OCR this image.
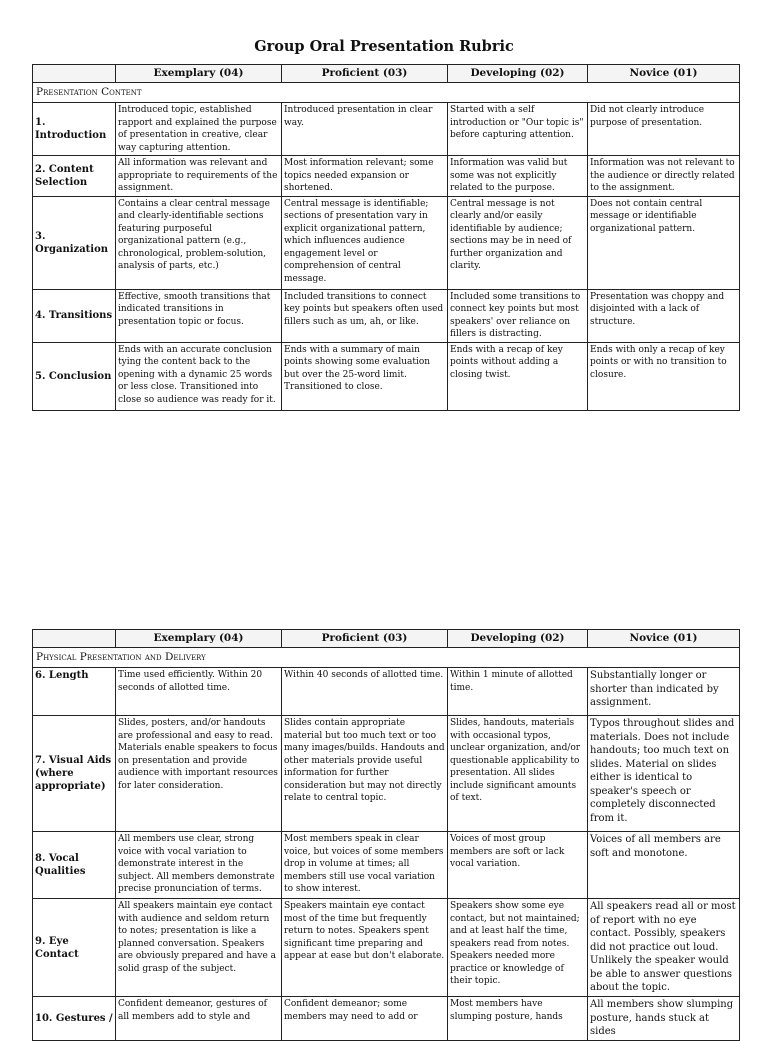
Group Oral Presentation Rubric
	Exemplary (04)	Proficient (03)	Developing (02)	Novice (01)
Presentation Content				
1. Introduction	Introduced topic, established rapport and explained the purpose of presentation in creative, clear way capturing attention.	Introduced presentation in clear way.	Started with a self introduction or "Our topic is" before capturing attention.	Did not clearly introduce purpose of presentation.
2. Content Selection	All information was relevant and appropriate to requirements of the assignment.	Most information relevant; some topics needed expansion or shortened.	Information was valid but some was not explicitly related to the purpose.	Information was not relevant to the audience or directly related to the assignment.
3. Organization	Contains a clear central message and clearly-identifiable sections featuring purposeful organizational pattern (e.g., chronological, problem-solution, analysis of parts, etc.)	Central message is identifiable; sections of presentation vary in explicit organizational pattern, which influences audience engagement level or comprehension of central message.	Central message is not clearly and/or easily identifiable by audience; sections may be in need of further organization and clarity.	Does not contain central message or identifiable organizational pattern.
4. Transitions	Effective, smooth transitions that indicated transitions in presentation topic or focus.	Included transitions to connect key points but speakers often used fillers such as um, ah, or like.	Included some transitions to connect key points but most speakers' over reliance on fillers is distracting.	Presentation was choppy and disjointed with a lack of structure.
5. Conclusion	Ends with an accurate conclusion tying the content back to the opening with a dynamic 25 words or less close. Transitioned into close so audience was ready for it.	Ends with a summary of main points showing some evaluation but over the 25-word limit. Transitioned to close.	Ends with a recap of key points without adding a closing twist.	Ends with only a recap of key points or with no transition to closure.
	Exemplary (04)	Proficient (03)	Developing (02)	Novice (01)
Physical Presentation and Delivery				
6. Length	Time used efficiently. Within 20 seconds of allotted time.	Within 40 seconds of allotted time.	Within 1 minute of allotted time.	Substantially longer or shorter than indicated by assignment.
7. Visual Aids (where appropriate)	Slides, posters, and/or handouts are professional and easy to read. Materials enable speakers to focus on presentation and provide audience with important resources for later consideration.	Slides contain appropriate material but too much text or too many images/builds. Handouts and other materials provide useful information for further consideration but may not directly relate to central topic.	Slides, handouts, materials with occasional typos, unclear organization, and/or questionable applicability to presentation. All slides include significant amounts of text.	Typos throughout slides and materials. Does not include handouts; too much text on slides. Material on slides either is identical to speaker's speech or completely disconnected from it.
8. Vocal Qualities	All members use clear, strong voice with vocal variation to demonstrate interest in the subject. All members demonstrate precise pronunciation of terms.	Most members speak in clear voice, but voices of some members drop in volume at times; all members still use vocal variation to show interest.	Voices of most group members are soft or lack vocal variation.	Voices of all members are soft and monotone.
9. Eye Contact	All speakers maintain eye contact with audience and seldom return to notes; presentation is like a planned conversation. Speakers are obviously prepared and have a solid grasp of the subject.	Speakers maintain eye contact most of the time but frequently return to notes. Speakers spent significant time preparing and appear at ease but don't elaborate.	Speakers show some eye contact, but not maintained; and at least half the time, speakers read from notes. Speakers needed more practice or knowledge of their topic.	All speakers read all or most of report with no eye contact. Possibly, speakers did not practice out loud. Unlikely the speaker would be able to answer questions about the topic.
10. Gestures /	Confident demeanor, gestures of all members add to style and	Confident demeanor; some members may need to add or	Most members have slumping posture, hands	All members show slumping posture, hands stuck at sides
